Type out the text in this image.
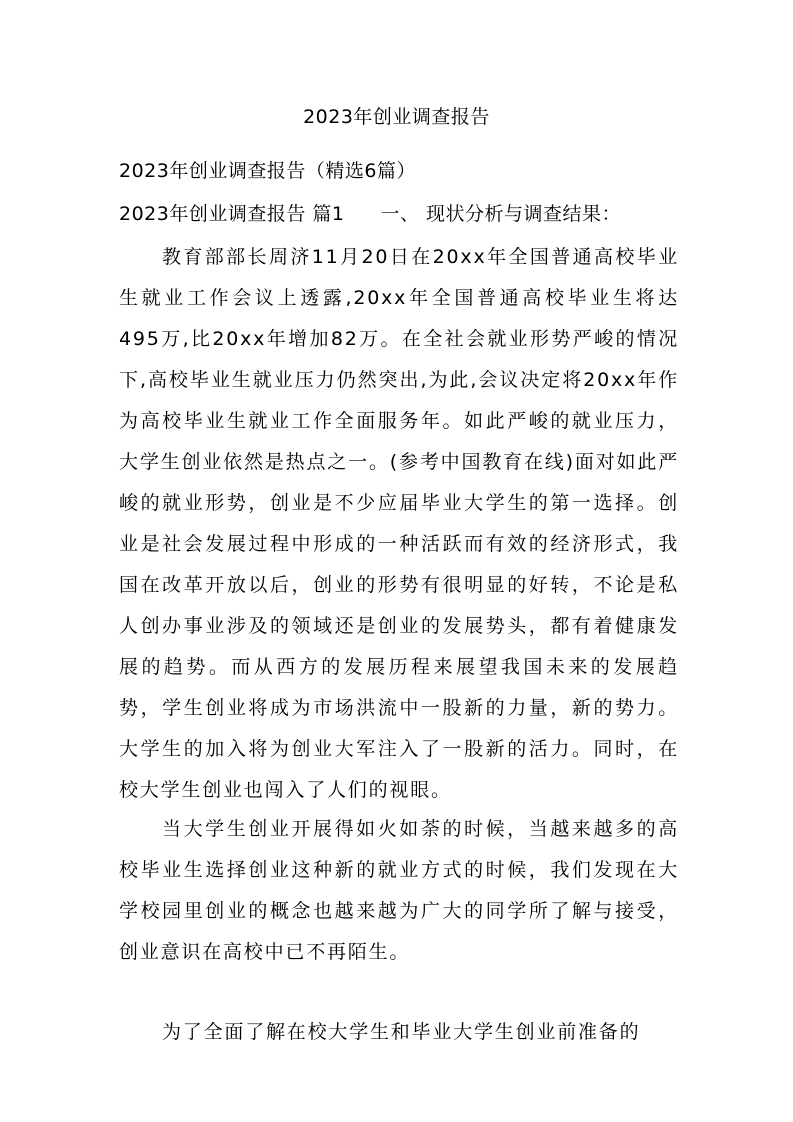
2023年创业调查报告
2023年创业调查报告（精选6篇）
2023年创业调查报告 篇1 一、 现状分析与调查结果：

教育部部长周济11月20日在20xx年全国普通高校毕业生就业工作会议上透露,20xx年全国普通高校毕业生将达495万,比20xx年增加82万。在全社会就业形势严峻的情况下,高校毕业生就业压力仍然突出,为此,会议决定将20xx年作为高校毕业生就业工作全面服务年。如此严峻的就业压力，大学生创业依然是热点之一。(参考中国教育在线)面对如此严峻的就业形势，创业是不少应届毕业大学生的第一选择。创业是社会发展过程中形成的一种活跃而有效的经济形式，我国在改革开放以后，创业的形势有很明显的好转，不论是私人创办事业涉及的领域还是创业的发展势头，都有着健康发展的趋势。而从西方的发展历程来展望我国未来的发展趋势，学生创业将成为市场洪流中一股新的力量，新的势力。大学生的加入将为创业大军注入了一股新的活力。同时，在校大学生创业也闯入了人们的视眼。

当大学生创业开展得如火如荼的时候，当越来越多的高校毕业生选择创业这种新的就业方式的时候，我们发现在大学校园里创业的概念也越来越为广大的同学所了解与接受，创业意识在高校中已不再陌生。

为了全面了解在校大学生和毕业大学生创业前准备的
